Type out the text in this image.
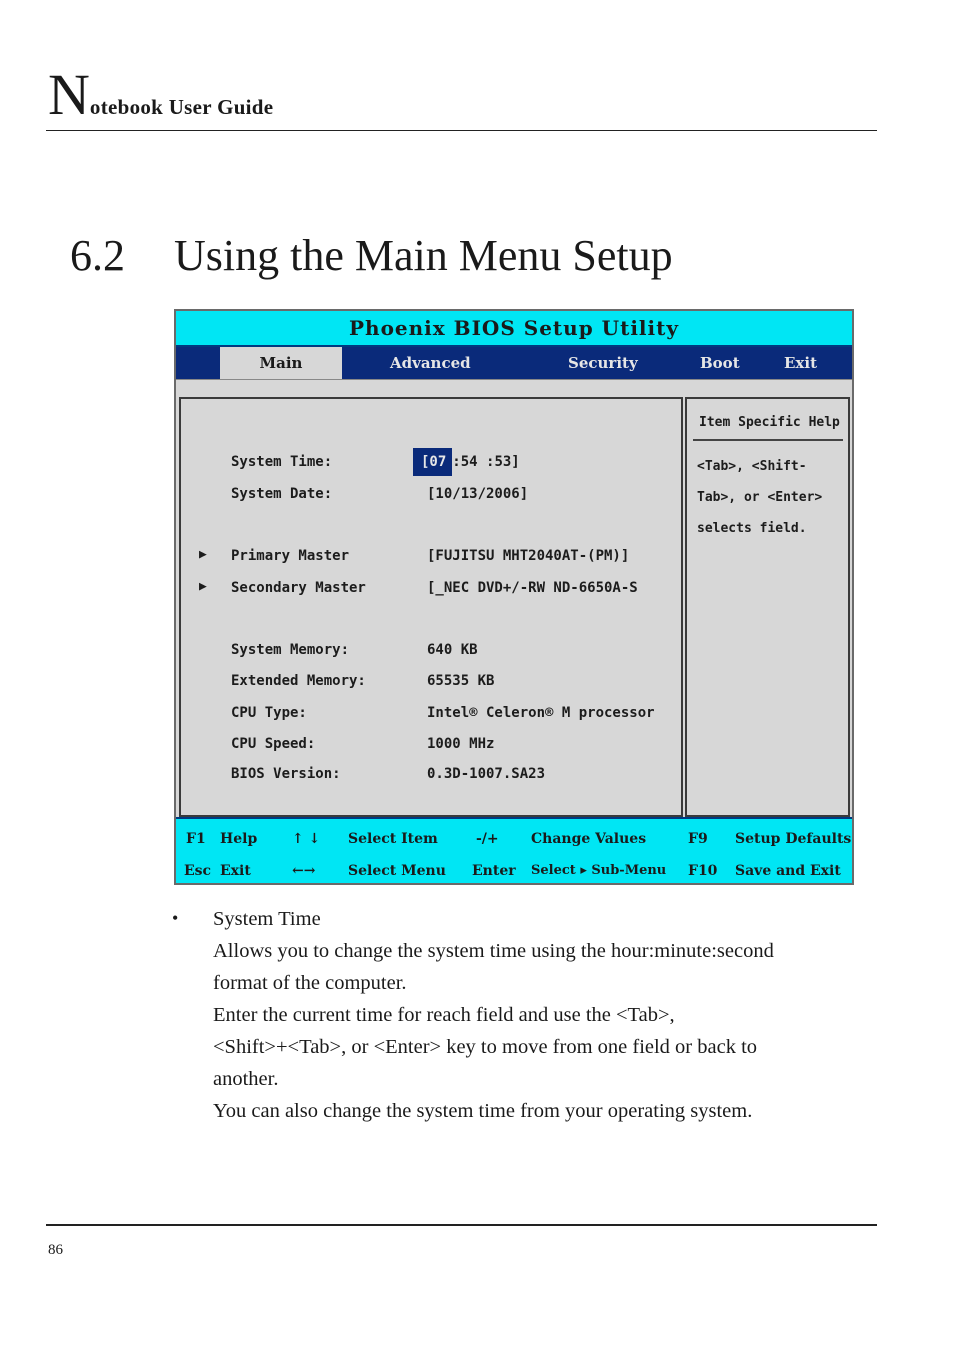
Notebook User Guide
6.2 Using the Main Menu Setup
Phoenix BIOS Setup Utility
Main	Advanced	Security	Boot	Exit
System Time:	[07 :54 :53]
System Date:	[10/13/2006]
▶ Primary Master	[FUJITSU MHT2040AT-(PM)]
▶ Secondary Master	[_NEC DVD+/-RW ND-6650A-S
System Memory:	640 KB
Extended Memory:	65535 KB
CPU Type:	Intel® Celeron® M processor
CPU Speed:	1000 MHz
BIOS Version:	0.3D-1007.SA23
Item Specific Help
<Tab>, <Shift-Tab>, or <Enter> selects field.
F1 Help ↑ ↓ Select Item	-/+ Change Values	F9 Setup Defaults
Esc Exit	←→ Select Menu Enter Select ▸ Sub-Menu F10 Save and Exit
• System Time
Allows you to change the system time using the hour:minute:second
format of the computer.
Enter the current time for reach field and use the <Tab>,
<Shift>+<Tab>, or <Enter> key to move from one field or back to
another.
You can also change the system time from your operating system.
86
